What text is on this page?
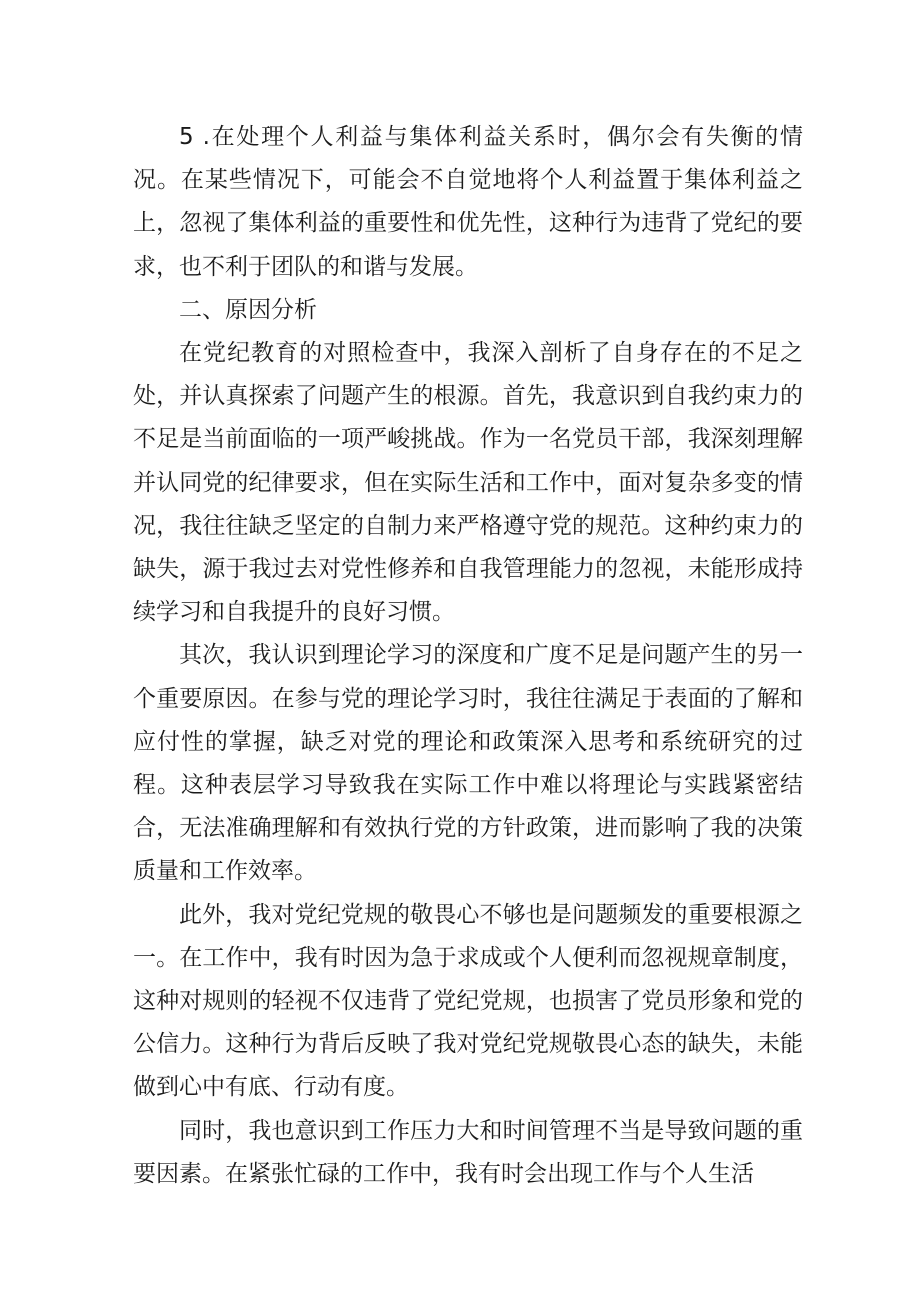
5 .在处理个人利益与集体利益关系时，偶尔会有失衡的情况。在某些情况下，可能会不自觉地将个人利益置于集体利益之上，忽视了集体利益的重要性和优先性，这种行为违背了党纪的要求，也不利于团队的和谐与发展。

二、原因分析

在党纪教育的对照检查中，我深入剖析了自身存在的不足之处，并认真探索了问题产生的根源。首先，我意识到自我约束力的不足是当前面临的一项严峻挑战。作为一名党员干部，我深刻理解并认同党的纪律要求，但在实际生活和工作中，面对复杂多变的情况，我往往缺乏坚定的自制力来严格遵守党的规范。这种约束力的缺失，源于我过去对党性修养和自我管理能力的忽视，未能形成持续学习和自我提升的良好习惯。

其次，我认识到理论学习的深度和广度不足是问题产生的另一个重要原因。在参与党的理论学习时，我往往满足于表面的了解和应付性的掌握，缺乏对党的理论和政策深入思考和系统研究的过程。这种表层学习导致我在实际工作中难以将理论与实践紧密结合，无法准确理解和有效执行党的方针政策，进而影响了我的决策质量和工作效率。

此外，我对党纪党规的敬畏心不够也是问题频发的重要根源之一。在工作中，我有时因为急于求成或个人便利而忽视规章制度，这种对规则的轻视不仅违背了党纪党规，也损害了党员形象和党的公信力。这种行为背后反映了我对党纪党规敬畏心态的缺失，未能做到心中有底、行动有度。

同时，我也意识到工作压力大和时间管理不当是导致问题的重要因素。在紧张忙碌的工作中，我有时会出现工作与个人生活
